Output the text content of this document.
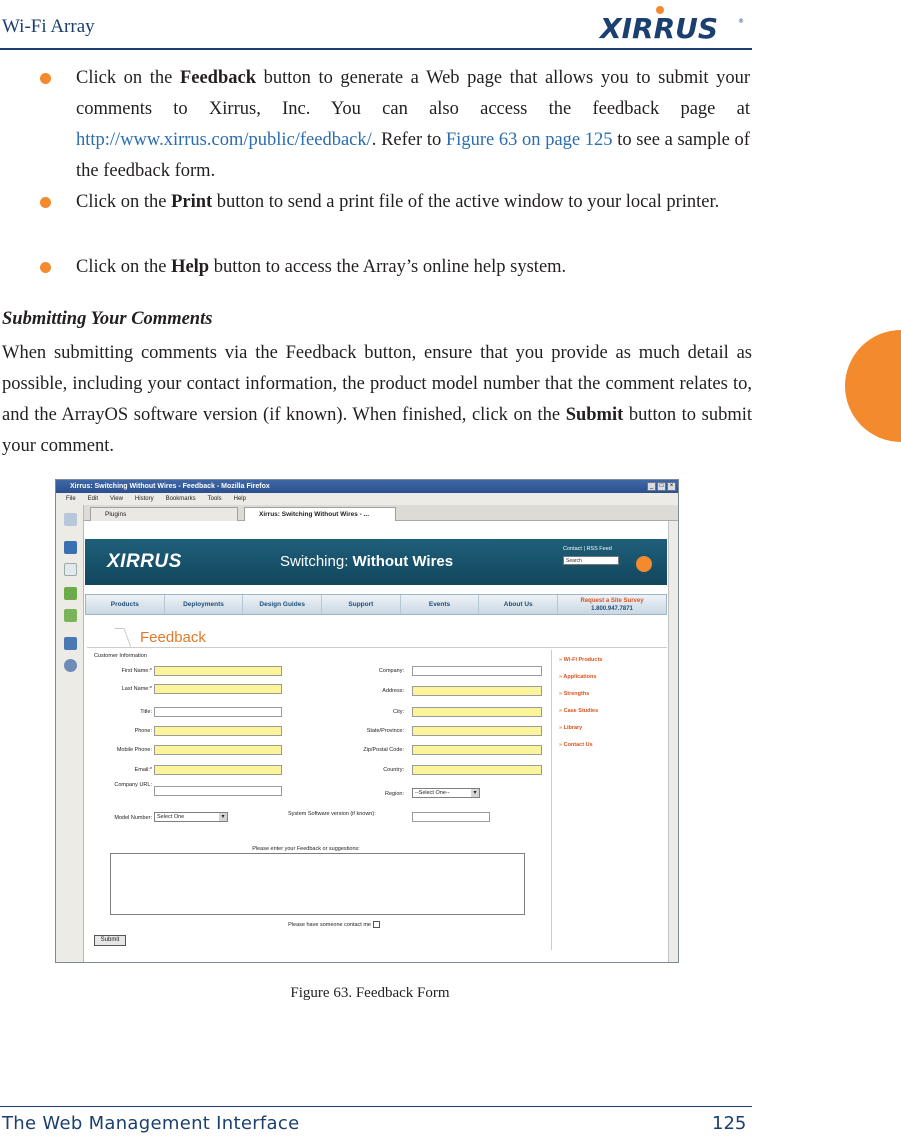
Wi-Fi Array	XIRRUS	®
Click on the Feedback button to generate a Web page that allows you to submit your comments to Xirrus, Inc. You can also access the feedback page at http://www.xirrus.com/public/feedback/. Refer to Figure 63 on page 125 to see a sample of the feedback form.
Click on the Print button to send a print file of the active window to your local printer.
Click on the Help button to access the Array’s online help system.
Submitting Your Comments
When submitting comments via the Feedback button, ensure that you provide as much detail as possible, including your contact information, the product model number that the comment relates to, and the ArrayOS software version (if known). When finished, click on the Submit button to submit your comment.
Xirrus: Switching Without Wires - Feedback - Mozilla Firefox	_	□	×
File Edit View History Bookmarks Tools Help
Plugins	Xirrus: Switching Without Wires - ...
XIRRUS	Switching: Without Wires
Contact | RSS Feed
Search
Products	Deployments	Design Guides	Support	Events	About Us	Request a Site Survey
1.800.947.7871
Feedback
Customer Information
First Name:*
Last Name:*
Title:
Phone:
Mobile Phone:
Email:*
Company URL:
Model Number: Select One ▾
Company:
Address:
City:
State/Province:
Zip/Postal Code:
Country:
Region:	--Select One-- ▾
System Software version (if known):
» Wi-Fi Products
» Applications
» Strengths
» Case Studies
» Library
» Contact Us
Please enter your Feedback or suggestions:
Please have someone contact me
Submit
Figure 63. Feedback Form
The Web Management Interface	125
